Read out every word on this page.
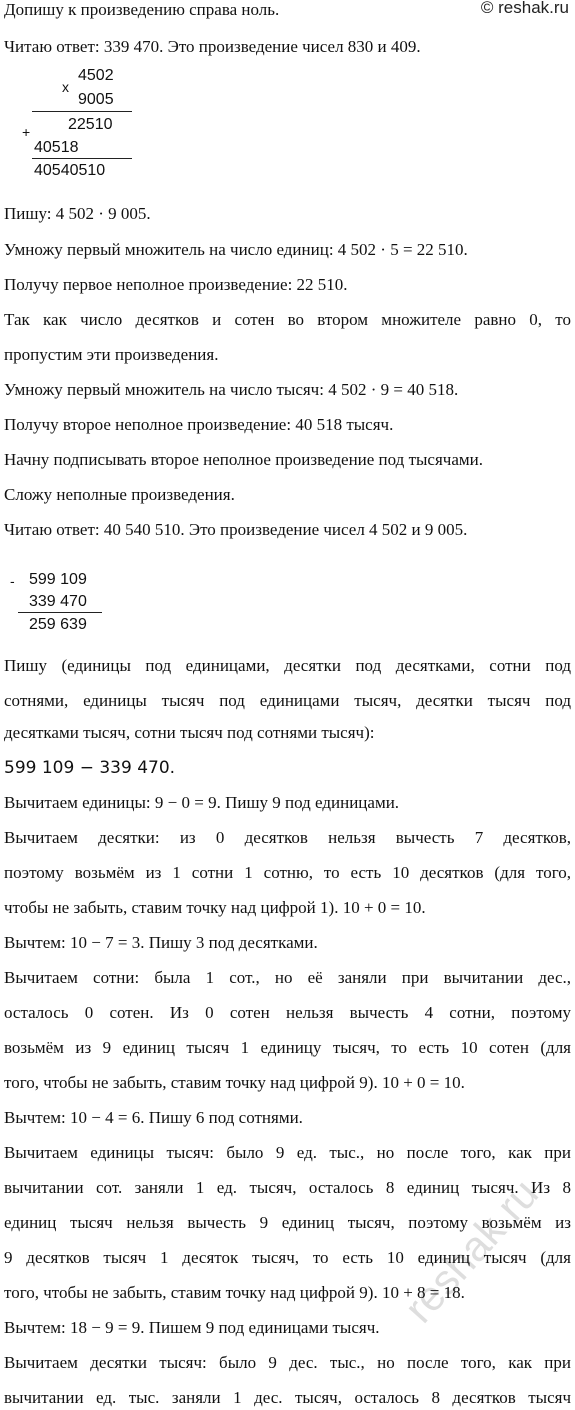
© reshak.ru
reshak.ru
Допишу к произведению справа ноль.
Читаю ответ: 339 470. Это произведение чисел 830 и 409.
x
4502
9005
+ 22510
40518
40540510
Пишу: 4 502 · 9 005.
Умножу первый множитель на число единиц: 4 502 · 5 = 22 510.
Получу первое неполное произведение: 22 510.
Так как число десятков и сотен во втором множителе равно 0, то
пропустим эти произведения.
Умножу первый множитель на число тысяч: 4 502 · 9 = 40 518.
Получу второе неполное произведение: 40 518 тысяч.
Начну подписывать второе неполное произведение под тысячами.
Сложу неполные произведения.
Читаю ответ: 40 540 510. Это произведение чисел 4 502 и 9 005.
- 599 109
339 470
259 639
Пишу (единицы под единицами, десятки под десятками, сотни под
сотнями, единицы тысяч под единицами тысяч, десятки тысяч под
десятками тысяч, сотни тысяч под сотнями тысяч):
599 109 − 339 470.
Вычитаем единицы: 9 − 0 = 9. Пишу 9 под единицами.
Вычитаем десятки: из 0 десятков нельзя вычесть 7 десятков,
поэтому возьмём из 1 сотни 1 сотню, то есть 10 десятков (для того,
чтобы не забыть, ставим точку над цифрой 1). 10 + 0 = 10.
Вычтем: 10 − 7 = 3. Пишу 3 под десятками.
Вычитаем сотни: была 1 сот., но её заняли при вычитании дес.,
осталось 0 сотен. Из 0 сотен нельзя вычесть 4 сотни, поэтому
возьмём из 9 единиц тысяч 1 единицу тысяч, то есть 10 сотен (для
того, чтобы не забыть, ставим точку над цифрой 9). 10 + 0 = 10.
Вычтем: 10 − 4 = 6. Пишу 6 под сотнями.
Вычитаем единицы тысяч: было 9 ед. тыс., но после того, как при
вычитании сот. заняли 1 ед. тысяч, осталось 8 единиц тысяч. Из 8
единиц тысяч нельзя вычесть 9 единиц тысяч, поэтому возьмём из
9 десятков тысяч 1 десяток тысяч, то есть 10 единиц тысяч (для
того, чтобы не забыть, ставим точку над цифрой 9). 10 + 8 = 18.
Вычтем: 18 − 9 = 9. Пишем 9 под единицами тысяч.
Вычитаем десятки тысяч: было 9 дес. тыс., но после того, как при
вычитании ед. тыс. заняли 1 дес. тысяч, осталось 8 десятков тысяч
